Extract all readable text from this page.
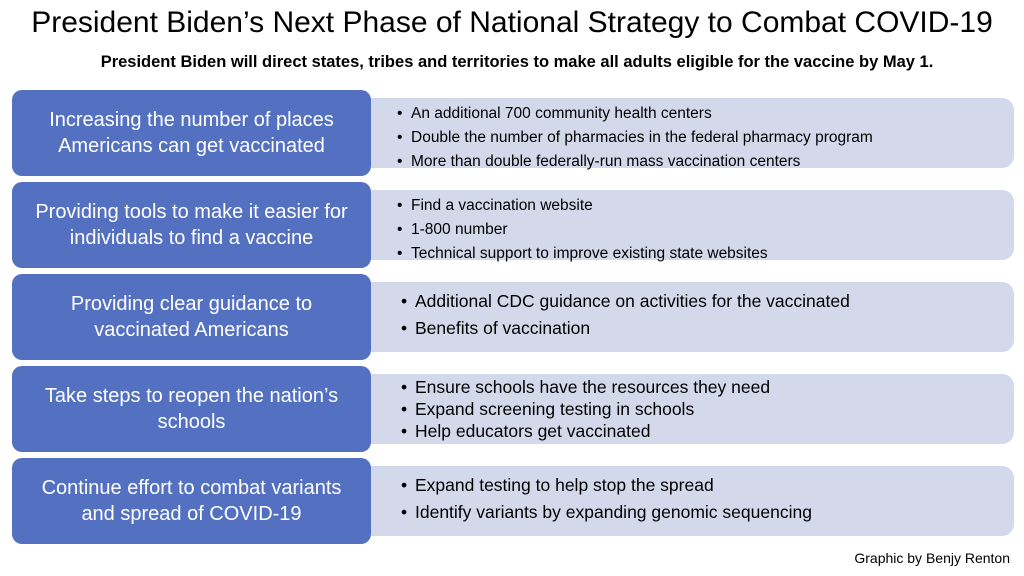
President Biden’s Next Phase of National Strategy to Combat COVID-19
President Biden will direct states, tribes and territories to make all adults eligible for the vaccine by May 1.
Increasing the number of places Americans can get vaccinated
• An additional 700 community health centers
• Double the number of pharmacies in the federal pharmacy program
• More than double federally-run mass vaccination centers
Providing tools to make it easier for individuals to find a vaccine
• Find a vaccination website
• 1-800 number
• Technical support to improve existing state websites
Providing clear guidance to vaccinated Americans
• Additional CDC guidance on activities for the vaccinated
• Benefits of vaccination
Take steps to reopen the nation’s schools
• Ensure schools have the resources they need
• Expand screening testing in schools
• Help educators get vaccinated
Continue effort to combat variants and spread of COVID-19
• Expand testing to help stop the spread
• Identify variants by expanding genomic sequencing
Graphic by Benjy Renton
